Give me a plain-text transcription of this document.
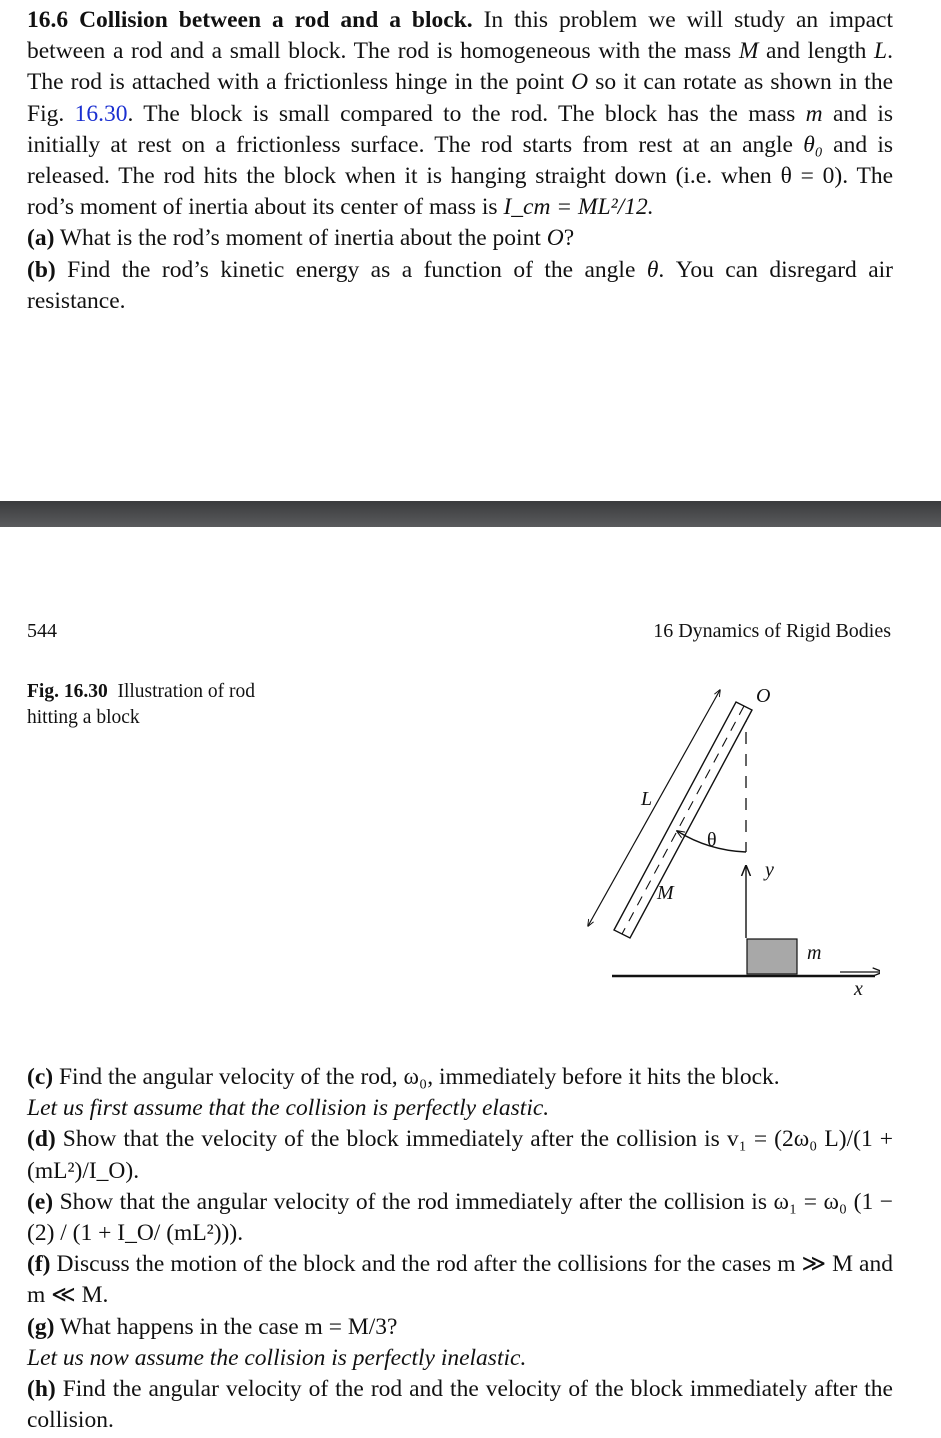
16.6 Collision between a rod and a block. In this problem we will study an impact between a rod and a small block. The rod is homogeneous with the mass M and length L. The rod is attached with a frictionless hinge in the point O so it can rotate as shown in the Fig. 16.30. The block is small compared to the rod. The block has the mass m and is initially at rest on a frictionless surface. The rod starts from rest at an angle θ₀ and is released. The rod hits the block when it is hanging straight down (i.e. when θ = 0). The rod’s moment of inertia about its center of mass is I_cm = ML²/12.

(a) What is the rod’s moment of inertia about the point O?

(b) Find the rod’s kinetic energy as a function of the angle θ. You can disregard air resistance.

544	16 Dynamics of Rigid Bodies
Fig. 16.30 Illustration of rod hitting a block
O
L
θ
M
y
m
x

(c) Find the angular velocity of the rod, ω₀, immediately before it hits the block.

Let us first assume that the collision is perfectly elastic.

(d) Show that the velocity of the block immediately after the collision is v₁ = (2ω₀ L)/(1 + (mL²)/I_O).

(e) Show that the angular velocity of the rod immediately after the collision is ω₁ = ω₀ (1 − (2) / (1 + I_O/ (mL²))).

(f) Discuss the motion of the block and the rod after the collisions for the cases m ≫ M and m ≪ M.

(g) What happens in the case m = M/3?

Let us now assume the collision is perfectly inelastic.

(h) Find the angular velocity of the rod and the velocity of the block immediately after the collision.
